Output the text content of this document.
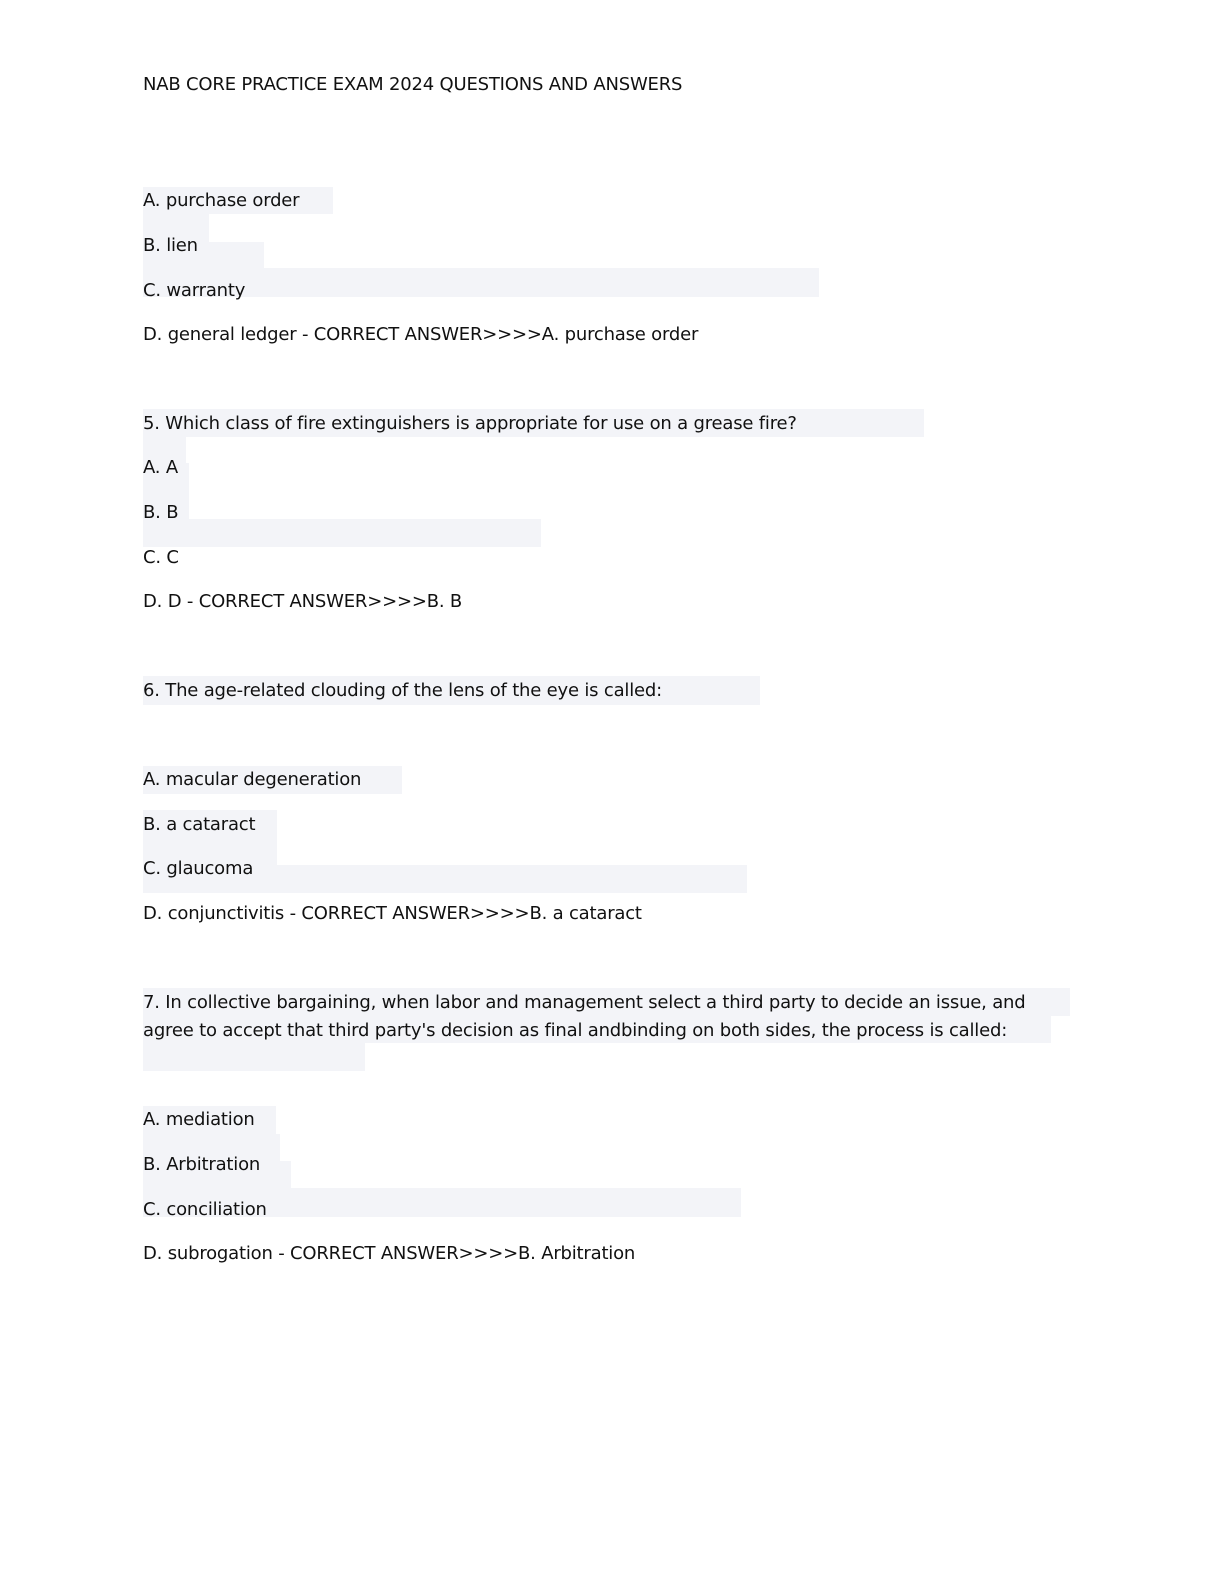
NAB CORE PRACTICE EXAM 2024 QUESTIONS AND ANSWERS
A. purchase order
B. lien
C. warranty
D. general ledger - CORRECT ANSWER>>>>A. purchase order
5. Which class of fire extinguishers is appropriate for use on a grease fire?
A. A
B. B
C. C
D. D - CORRECT ANSWER>>>>B. B
6. The age-related clouding of the lens of the eye is called:
A. macular degeneration
B. a cataract
C. glaucoma
D. conjunctivitis - CORRECT ANSWER>>>>B. a cataract
7. In collective bargaining, when labor and management select a third party to decide an issue, and
agree to accept that third party's decision as final andbinding on both sides, the process is called:
A. mediation
B. Arbitration
C. conciliation
D. subrogation - CORRECT ANSWER>>>>B. Arbitration
